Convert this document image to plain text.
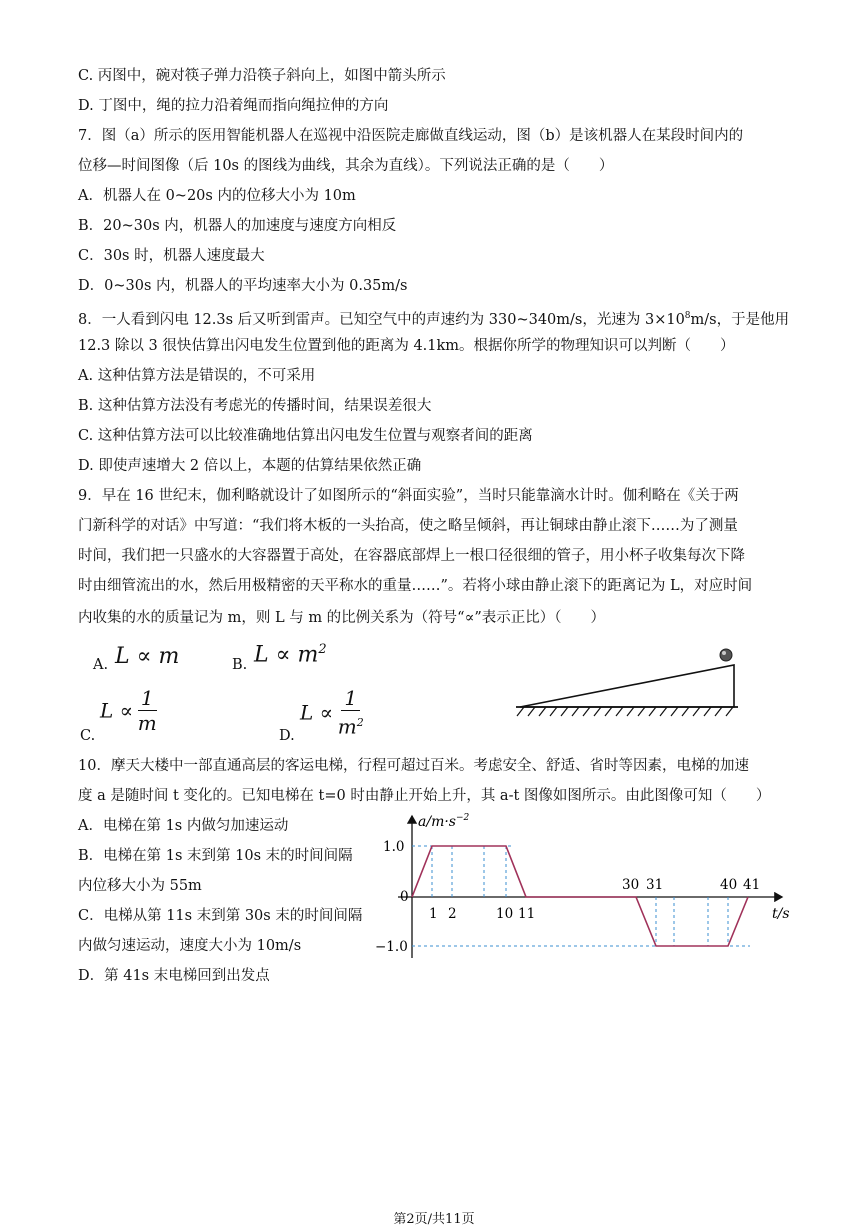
C. 丙图中，碗对筷子弹力沿筷子斜向上，如图中箭头所示
D. 丁图中，绳的拉力沿着绳而指向绳拉伸的方向
7．图（a）所示的医用智能机器人在巡视中沿医院走廊做直线运动，图（b）是该机器人在某段时间内的
位移—时间图像（后 10s 的图线为曲线，其余为直线）。下列说法正确的是（　　）
A．机器人在 0~20s 内的位移大小为 10m
B．20~30s 内，机器人的加速度与速度方向相反
C．30s 时，机器人速度最大
D．0~30s 内，机器人的平均速率大小为 0.35m/s
8．一人看到闪电 12.3s 后又听到雷声。已知空气中的声速约为 330~340m/s，光速为 $3\times 10^8m/s$，于是他用
12.3 除以 3 很快估算出闪电发生位置到他的距离为 4.1km。根据你所学的物理知识可以判断（　　）
A. 这种估算方法是错误的，不可采用
B. 这种估算方法没有考虑光的传播时间，结果误差很大
C. 这种估算方法可以比较准确地估算出闪电发生位置与观察者间的距离
D. 即使声速增大 2 倍以上，本题的估算结果依然正确
9．早在 16 世纪末，伽利略就设计了如图所示的“斜面实验”，当时只能靠滴水计时。伽利略在《关于两
门新科学的对话》中写道：“我们将木板的一头抬高，使之略呈倾斜，再让铜球由静止滚下……为了测量
时间，我们把一只盛水的大容器置于高处，在容器底部焊上一根口径很细的管子，用小杯子收集每次下降
时由细管流出的水，然后用极精密的天平称水的重量……”。若将小球由静止滚下的距离记为 L，对应时间
内收集的水的质量记为 m，则 L 与 m 的比例关系为（符号“∝”表示正比）（　　）
A. L ∝ m	B. $L \propto m^2$
C.
$L \propto \frac{1}{m}$
D.
$L \propto \frac{1}{m^2}$
10．摩天大楼中一部直通高层的客运电梯，行程可超过百米。考虑安全、舒适、省时等因素，电梯的加速
度 a 是随时间 t 变化的。已知电梯在 t=0 时由静止开始上升，其 a-t 图像如图所示。由此图像可知（　　）
A．电梯在第 1s 内做匀加速运动
B．电梯在第 1s 末到第 10s 末的时间间隔
内位移大小为 55m
C．电梯从第 11s 末到第 30s 末的时间间隔
内做匀速运动，速度大小为 10m/s
D．第 41s 末电梯回到出发点
$a/m\cdot s^{-2}$
t/s
1.0
0
−1.0
1 2	10 11
30 31	40 41
第2页/共11页
